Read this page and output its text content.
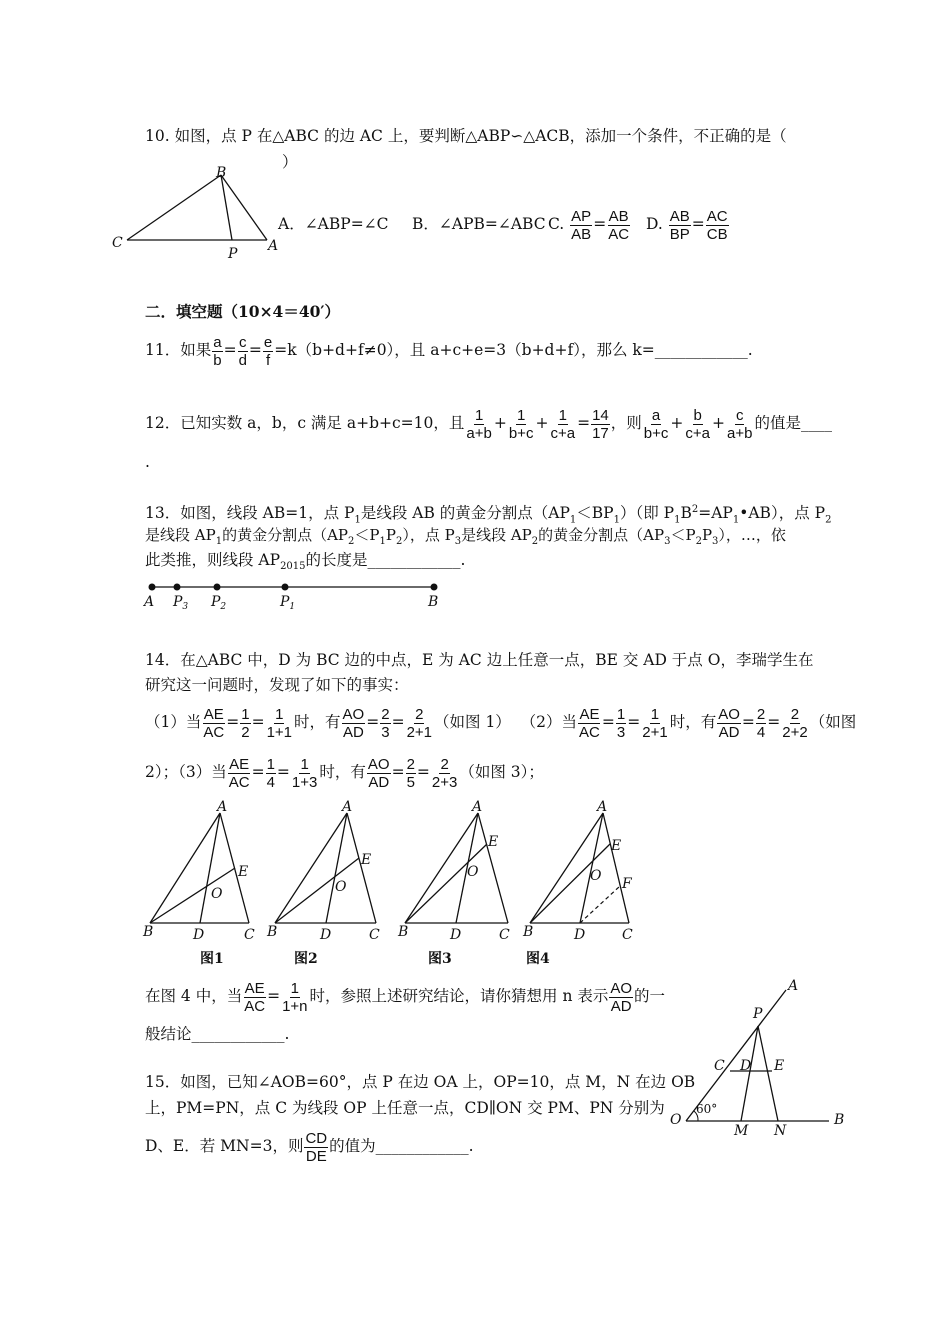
10. 如图，点 P 在△ABC 的边 AC 上，要判断△ABP∽△ACB，添加一个条件，不正确的是（
）
B
C
P A
A．∠ABP=∠C B．∠APB=∠ABC C. $\frac{AP}{AB} = \frac{AB}{AC} D$. $\frac{AB}{BP} = \frac{AC}{CB}$
二．填空题（10×4＝40′）
11．如果 $\frac{a}{b} = \frac{c}{d} = \frac{e}{f} =k(b+d+f\ne 0)$，且 a+c+e=3（b+d+f），那么 k=____________.
12．已知实数 a，b，c 满足 a+b+c=10，且 $\frac{1}{a+b} + \frac{1}{b+c} + \frac{1}{c+a} = \frac{14}{17}$ ，则 $\frac{a}{b+c} + \frac{b}{c+a} + \frac{c}{a+b}$ 的值是____
.
13．如图，线段 AB=1，点 $P_1$是线段 AB 的黄金分割点$(AP_1<BP_1)$（即 $P_1B^2=AP_1•AB$），点 $P_2$
是线段 $AP_1$的黄金分割点$(AP_2<P_1P_2)$，点 $P_3$是线段 $AP_2$的黄金分割点$(AP_3<P_2P_3)$，…，依
此类推，则线段 $AP_{2015}$的长度是____________.
A $P_3$ $P_2$	$P_1$	B
14．在△ABC 中，D 为 BC 边的中点，E 为 AC 边上任意一点，BE 交 AD 于点 O，李瑞学生在
研究这一问题时，发现了如下的事实：
（1）当 $\frac{AE}{AC} = \frac{1}{2} = \frac{1}{1+1}$ 时，有 $\frac{AO}{AD} = \frac{2}{3} = \frac{2}{2+1}$ （如图 1） （2）当 $\frac{AE}{AC} = \frac{1}{3} = \frac{1}{2+1}$ 时，有 $\frac{AO}{AD} = \frac{2}{4} = \frac{2}{2+2}$ （如图
2）；（3）当 $\frac{AE}{AC} = \frac{1}{4} = \frac{1}{1+3}$ 时，有 $\frac{AO}{AD} = \frac{2}{5} = \frac{2}{2+3}$ （如图 3）；
A
E
O
B	D	C
图1
A
E
O
B	D	C
图2
A
E
O
B	D	C
图3
A
E
O F
B	D	C
图4
在图 4 中，当 $\frac{AE}{AC} = \frac{1}{1+n}$ 时，参照上述研究结论，请你猜想用 n 表示 $\frac{AO}{AD}$ 的一
般结论____________.
15．如图，已知∠AOB=60°，点 P 在边 OA 上，OP=10，点 M，N 在边 OB
上，PM=PN，点 C 为线段 OP 上任意一点，CD∥ON 交 PM、PN 分别为
D、E．若 MN=3，则 $\frac{CD}{DE}$ 的值为____________.
A
P
C D E
O
60°
M N
B
